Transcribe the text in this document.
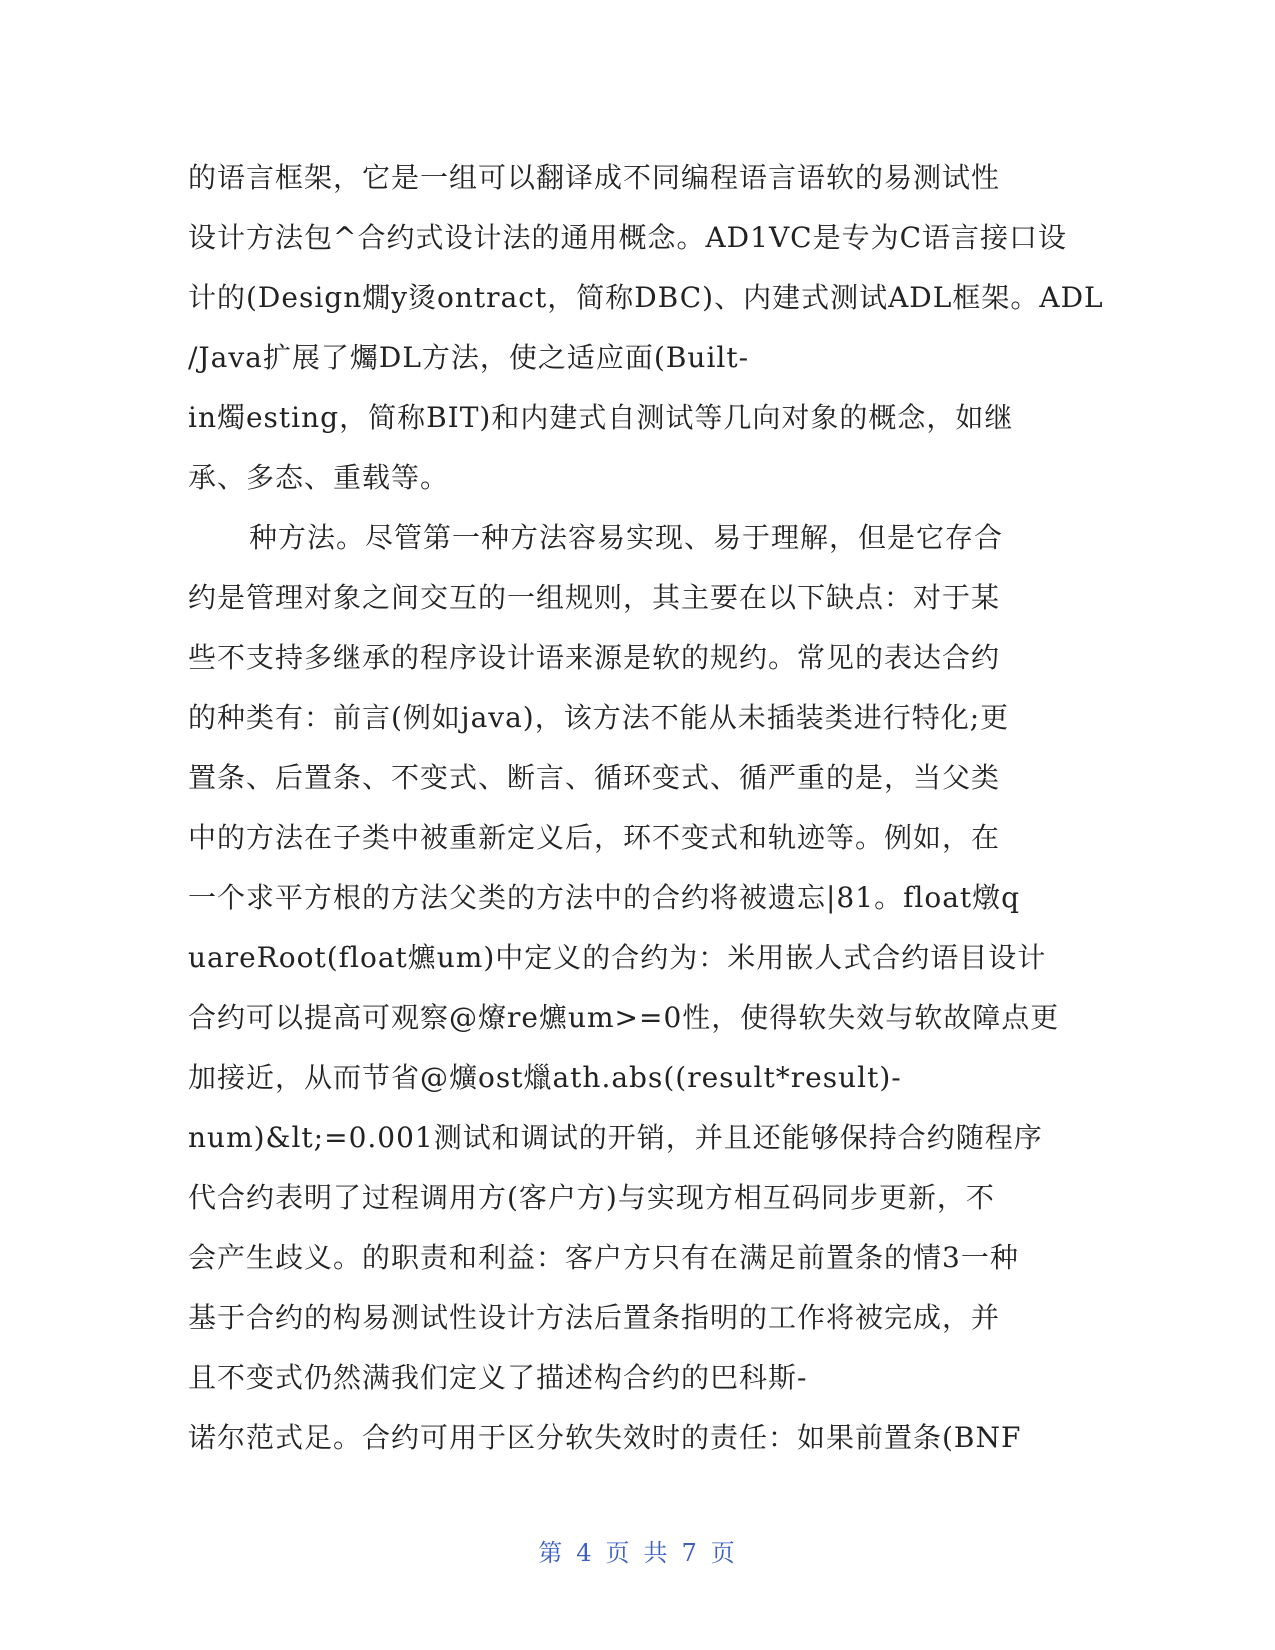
的语言框架，它是一组可以翻译成不同编程语言语软的易测试性
设计方法包^合约式设计法的通用概念。AD1VC是专为C语言接口设
计的(Design燗y烫ontract，简称DBC)、内建式测试ADL框架。ADL
/Java扩展了爥DL方法，使之适应面(Built-
in燭esting，简称BIT)和内建式自测试等几向对象的概念，如继
承、多态、重载等。
种方法。尽管第一种方法容易实现、易于理解，但是它存合
约是管理对象之间交互的一组规则，其主要在以下缺点：对于某
些不支持多继承的程序设计语来源是软的规约。常见的表达合约
的种类有：前言(例如java)，该方法不能从未插装类进行特化;更
置条、后置条、不变式、断言、循环变式、循严重的是，当父类
中的方法在子类中被重新定义后，环不变式和轨迹等。例如，在
一个求平方根的方法父类的方法中的合约将被遗忘|81。float燉q
uareRoot(float爊um)中定义的合约为：米用嵌人式合约语目设计
合约可以提高可观察@爎re爊um>=0性，使得软失效与软故障点更
加接近，从而节省@爌ost爉ath.abs((result*result)-
num)&lt;=0.001测试和调试的开销，并且还能够保持合约随程序
代合约表明了过程调用方(客户方)与实现方相互码同步更新，不
会产生歧义。的职责和利益：客户方只有在满足前置条的情3一种
基于合约的构易测试性设计方法后置条指明的工作将被完成，并
且不变式仍然满我们定义了描述构合约的巴科斯-
诺尔范式足。合约可用于区分软失效时的责任：如果前置条(BNF
第 4 页 共 7 页
